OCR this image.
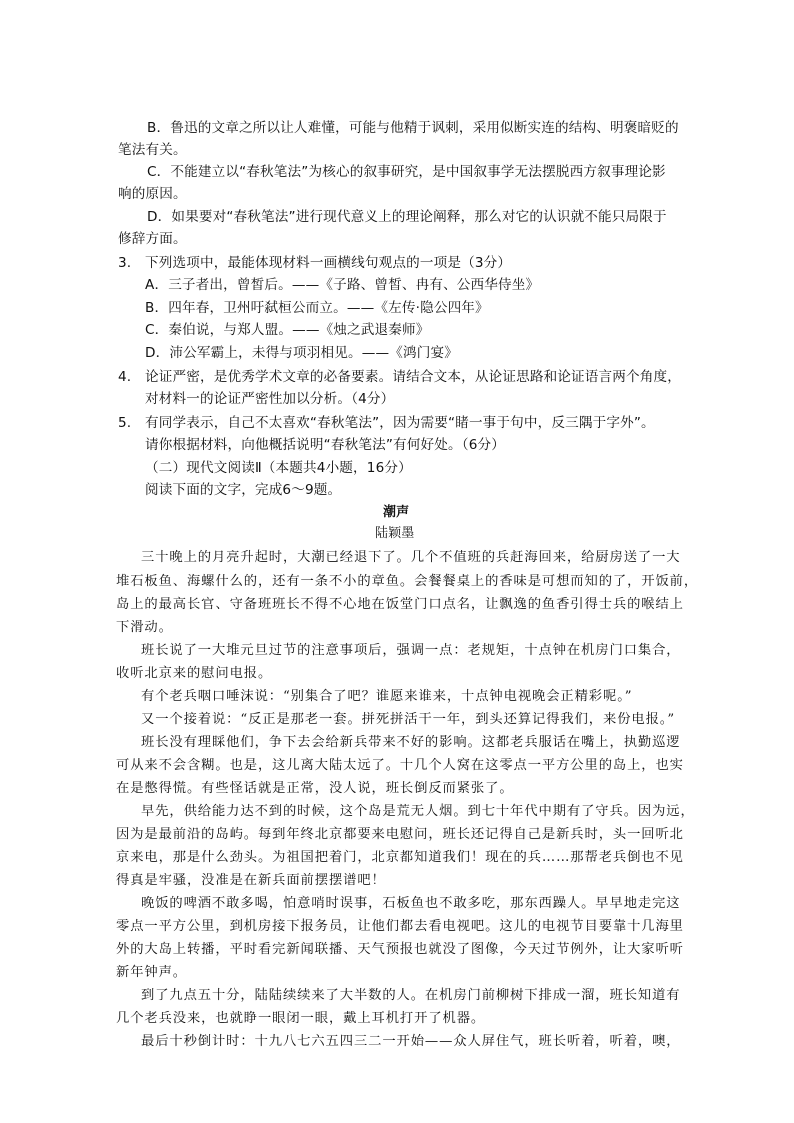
B．鲁迅的文章之所以让人难懂，可能与他精于讽刺，采用似断实连的结构、明褒暗贬的
笔法有关。
C．不能建立以“春秋笔法”为核心的叙事研究，是中国叙事学无法摆脱西方叙事理论影
响的原因。
D．如果要对“春秋笔法”进行现代意义上的理论阐释，那么对它的认识就不能只局限于
修辞方面。
3. 下列选项中，最能体现材料一画横线句观点的一项是（3分）
A．三子者出，曾皙后。——《子路、曾皙、冉有、公西华侍坐》
B．四年春，卫州吁弑桓公而立。——《左传·隐公四年》
C．秦伯说，与郑人盟。——《烛之武退秦师》
D．沛公军霸上，未得与项羽相见。——《鸿门宴》
4. 论证严密，是优秀学术文章的必备要素。请结合文本，从论证思路和论证语言两个角度，
对材料一的论证严密性加以分析。（4分）
5. 有同学表示，自己不太喜欢“春秋笔法”，因为需要“睹一事于句中，反三隅于字外”。
请你根据材料，向他概括说明“春秋笔法”有何好处。（6分）
（二）现代文阅读Ⅱ（本题共4小题，16分）
阅读下面的文字，完成6～9题。
潮声
陆颖墨
三十晚上的月亮升起时，大潮已经退下了。几个不值班的兵赶海回来，给厨房送了一大
堆石板鱼、海螺什么的，还有一条不小的章鱼。会餐餐桌上的香味是可想而知的了，开饭前，
岛上的最高长官、守备班班长不得不心地在饭堂门口点名，让飘逸的鱼香引得士兵的喉结上
下滑动。
班长说了一大堆元旦过节的注意事项后，强调一点：老规矩，十点钟在机房门口集合，
收听北京来的慰问电报。
有个老兵咽口唾沫说：“别集合了吧？谁愿来谁来，十点钟电视晚会正精彩呢。”
又一个接着说：“反正是那老一套。拼死拼活干一年，到头还算记得我们，来份电报。”
班长没有理睬他们，争下去会给新兵带来不好的影响。这都老兵服话在嘴上，执勤巡逻
可从来不会含糊。也是，这儿离大陆太远了。十几个人窝在这零点一平方公里的岛上，也实
在是憋得慌。有些怪话就是正常，没人说，班长倒反而紧张了。
早先，供给能力达不到的时候，这个岛是荒无人烟。到七十年代中期有了守兵。因为远，
因为是最前沿的岛屿。每到年终北京都要来电慰问，班长还记得自己是新兵时，头一回听北
京来电，那是什么劲头。为祖国把着门，北京都知道我们！现在的兵……那帮老兵倒也不见
得真是牢骚，没准是在新兵面前摆摆谱吧！
晚饭的啤酒不敢多喝，怕意哨时误事，石板鱼也不敢多吃，那东西躁人。早早地走完这
零点一平方公里，到机房接下报务员，让他们都去看电视吧。这儿的电视节目要靠十几海里
外的大岛上转播，平时看完新闻联播、天气预报也就没了图像，今天过节例外，让大家听听
新年钟声。
到了九点五十分，陆陆续续来了大半数的人。在机房门前柳树下排成一溜，班长知道有
几个老兵没来，也就睁一眼闭一眼，戴上耳机打开了机器。
最后十秒倒计时：十九八七六五四三二一开始——众人屏住气，班长听着，听着，噢，
